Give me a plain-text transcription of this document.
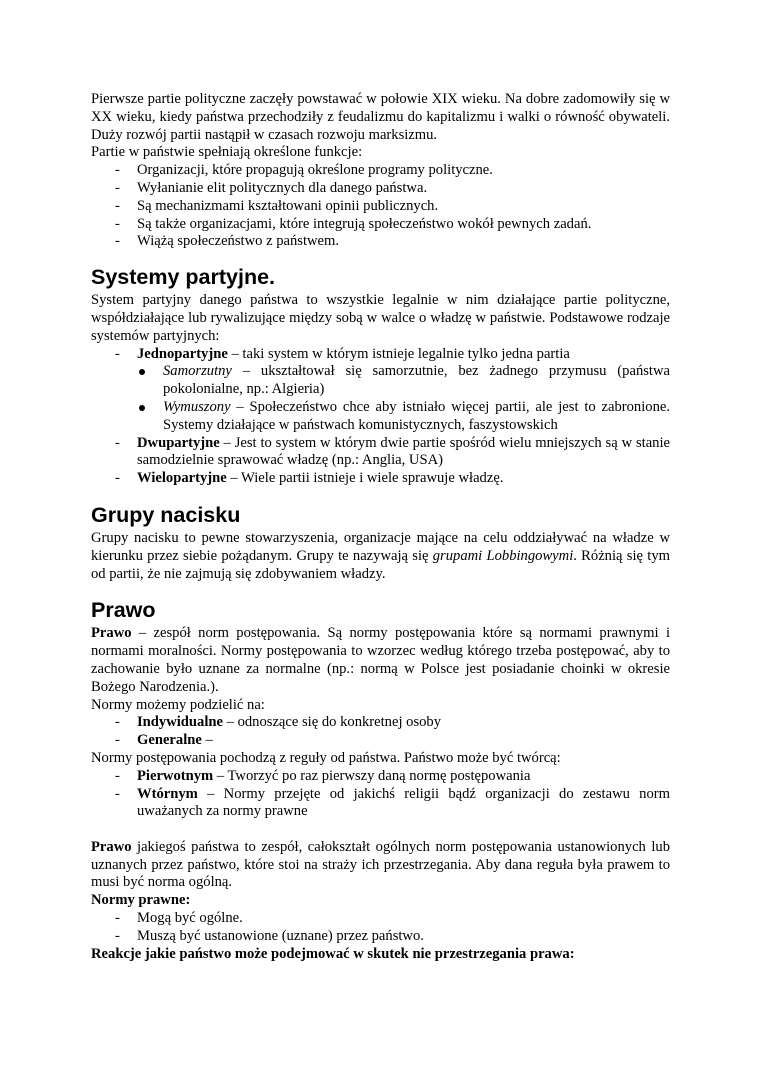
Pierwsze partie polityczne zaczęły powstawać w połowie XIX wieku. Na dobre zadomowiły się w XX wieku, kiedy państwa przechodziły z feudalizmu do kapitalizmu i walki o równość obywateli. Duży rozwój partii nastąpił w czasach rozwoju marksizmu.

Partie w państwie spełniają określone funkcje:

- Organizacji, które propagują określone programy polityczne.
- Wyłanianie elit politycznych dla danego państwa.
- Są mechanizmami kształtowani opinii publicznych.
- Są także organizacjami, które integrują społeczeństwo wokół pewnych zadań.
- Wiążą społeczeństwo z państwem.
Systemy partyjne.

System partyjny danego państwa to wszystkie legalnie w nim działające partie polityczne, współdziałające lub rywalizujące między sobą w walce o władzę w państwie. Podstawowe rodzaje systemów partyjnych:

- Jednopartyjne – taki system w którym istnieje legalnie tylko jedna partia
Samorzutny – ukształtował się samorzutnie, bez żadnego przymusu (państwa pokolonialne, np.: Algieria)
Wymuszony – Społeczeństwo chce aby istniało więcej partii, ale jest to zabronione. Systemy działające w państwach komunistycznych, faszystowskich
- Dwupartyjne – Jest to system w którym dwie partie spośród wielu mniejszych są w stanie samodzielnie sprawować władzę (np.: Anglia, USA)
- Wielopartyjne – Wiele partii istnieje i wiele sprawuje władzę.
Grupy nacisku

Grupy nacisku to pewne stowarzyszenia, organizacje mające na celu oddziaływać na władze w kierunku przez siebie pożądanym. Grupy te nazywają się grupami Lobbingowymi. Różnią się tym od partii, że nie zajmują się zdobywaniem władzy.

Prawo

Prawo – zespół norm postępowania. Są normy postępowania które są normami prawnymi i normami moralności. Normy postępowania to wzorzec według którego trzeba postępować, aby to zachowanie było uznane za normalne (np.: normą w Polsce jest posiadanie choinki w okresie Bożego Narodzenia.).

Normy możemy podzielić na:

- Indywidualne – odnoszące się do konkretnej osoby
- Generalne –

Normy postępowania pochodzą z reguły od państwa. Państwo może być twórcą:

- Pierwotnym – Tworzyć po raz pierwszy daną normę postępowania
- Wtórnym – Normy przejęte od jakichś religii bądź organizacji do zestawu norm uważanych za normy prawne

Prawo jakiegoś państwa to zespół, całokształt ogólnych norm postępowania ustanowionych lub uznanych przez państwo, które stoi na straży ich przestrzegania. Aby dana reguła była prawem to musi być norma ogólną.

Normy prawne:

- Mogą być ogólne.
- Muszą być ustanowione (uznane) przez państwo.

Reakcje jakie państwo może podejmować w skutek nie przestrzegania prawa:
